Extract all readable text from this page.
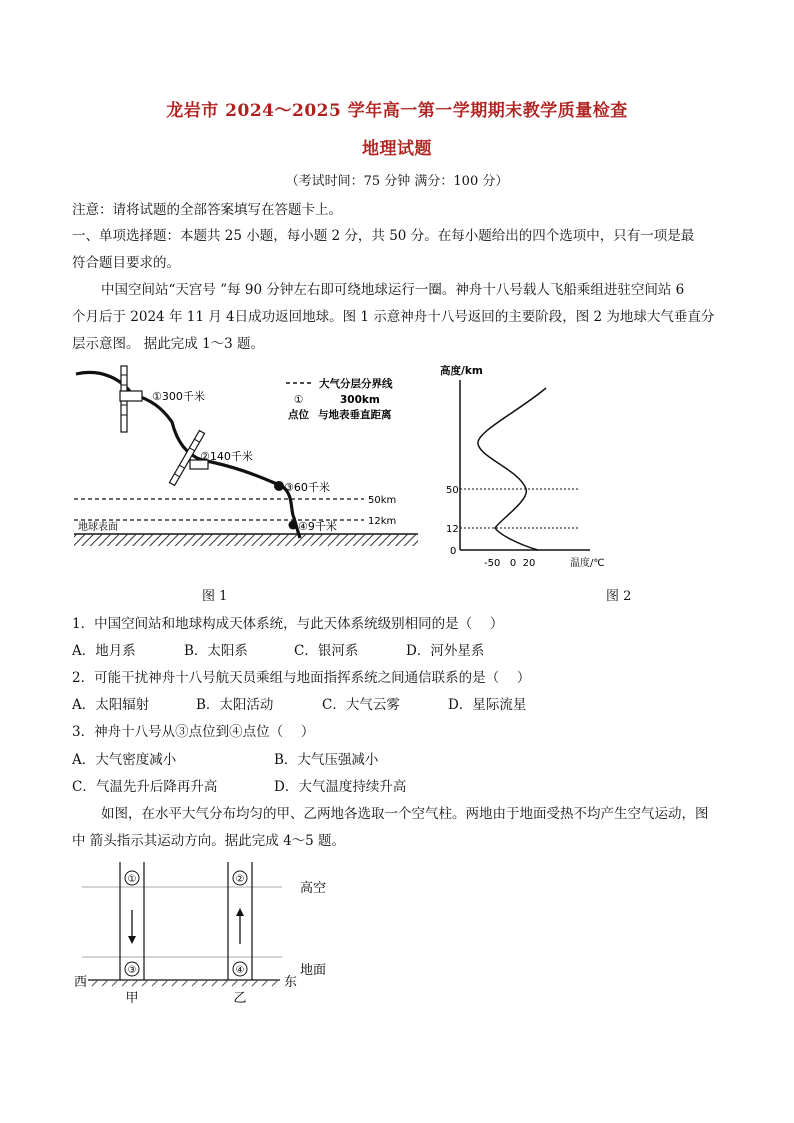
龙岩市 2024～2025 学年高一第一学期期末教学质量检查
地理试题
（考试时间：75 分钟 满分：100 分）
注意：请将试题的全部答案填写在答题卡上。
一、单项选择题：本题共 25 小题，每小题 2 分，共 50 分。在每小题给出的四个选项中，只有一项是最
符合题目要求的。
中国空间站“天宫号 ”每 90 分钟左右即可绕地球运行一圈。神舟十八号载人飞船乘组进驻空间站 6
个月后于 2024 年 11 月 4日成功返回地球。图 1 示意神舟十八号返回的主要阶段，图 2 为地球大气垂直分
层示意图。 据此完成 1～3 题。
①300千米
②140千米
③60千米
50km
12km
④9千米
地球表面
大气分层分界线
①	300km
点位 与地表垂直距离
高度/km
50
12
0
-50   0  20	温度/℃
图 1	图 2
1．中国空间站和地球构成天体系统，与此天体系统级别相同的是（　 ）
A．地月系	B．太阳系	C．银河系	D．河外星系
2．可能干扰神舟十八号航天员乘组与地面指挥系统之间通信联系的是（　 ）
A．太阳辐射	B．太阳活动	C．大气云雾	D．星际流星
3．神舟十八号从③点位到④点位（　 ）
A．大气密度减小	B．大气压强减小
C．气温先升后降再升高	D．大气温度持续升高
如图，在水平大气分布均匀的甲、乙两地各选取一个空气柱。两地由于地面受热不均产生空气运动，图
中 箭头指示其运动方向。据此完成 4～5 题。
①
③
②
④
高空
地面
西	东
甲	乙
